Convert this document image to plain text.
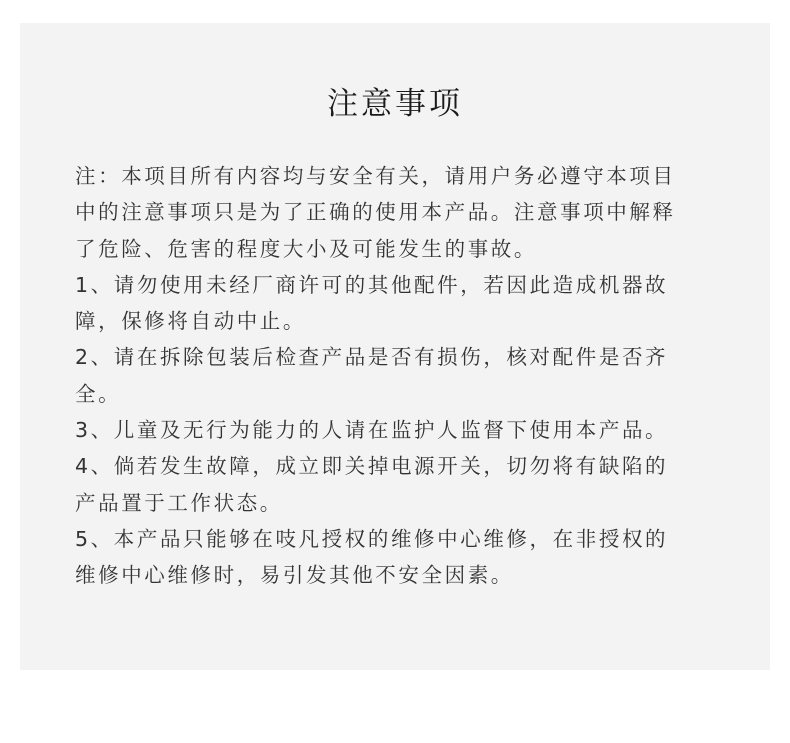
注意事项
注：本项目所有内容均与安全有关，请用户务必遵守本项目
中的注意事项只是为了正确的使用本产品。注意事项中解释
了危险、危害的程度大小及可能发生的事故。
1、请勿使用未经厂商许可的其他配件，若因此造成机器故
障，保修将自动中止。
2、请在拆除包装后检查产品是否有损伤，核对配件是否齐
全。
3、儿童及无行为能力的人请在监护人监督下使用本产品。
4、倘若发生故障，成立即关掉电源开关，切勿将有缺陷的
产品置于工作状态。
5、本产品只能够在吱凡授权的维修中心维修，在非授权的
维修中心维修时，易引发其他不安全因素。
